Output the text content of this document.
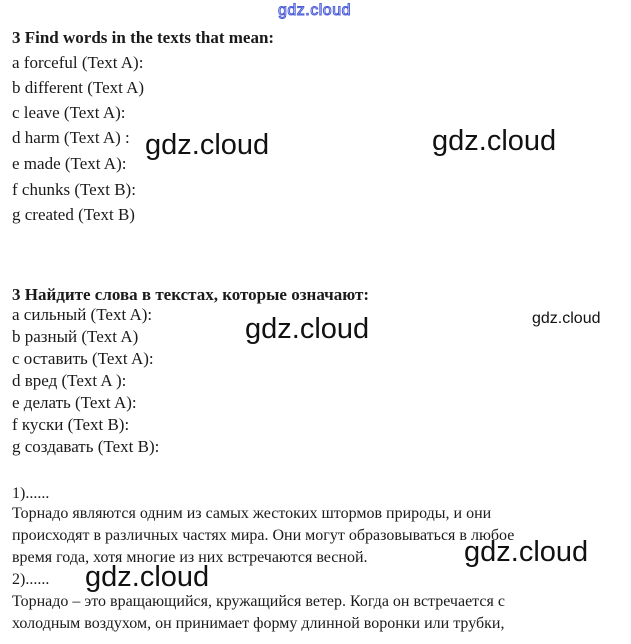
gdz.cloud
3 Find words in the texts that mean:
a forceful (Text A):
b different (Text A)
c leave (Text A):
d harm (Text A) :
e made (Text A):
f chunks (Text B):
g created (Text B)
gdz.cloud	gdz.cloud
3 Найдите слова в текстах, которые означают:
a сильный (Text A):
b разный (Text A)
c оставить (Text A):
d вред (Text A ):
e делать (Text A):
f куски (Text B):
g создавать (Text B):
gdz.cloud	gdz.cloud
1)......
Торнадо являются одним из самых жестоких штормов природы, и они
происходят в различных частях мира. Они могут образовываться в любое
время года, хотя многие из них встречаются весной.
2)......
Торнадо – это вращающийся, кружащийся ветер. Когда он встречается с
холодным воздухом, он принимает форму длинной воронки или трубки,
gdz.cloud
gdz.cloud
